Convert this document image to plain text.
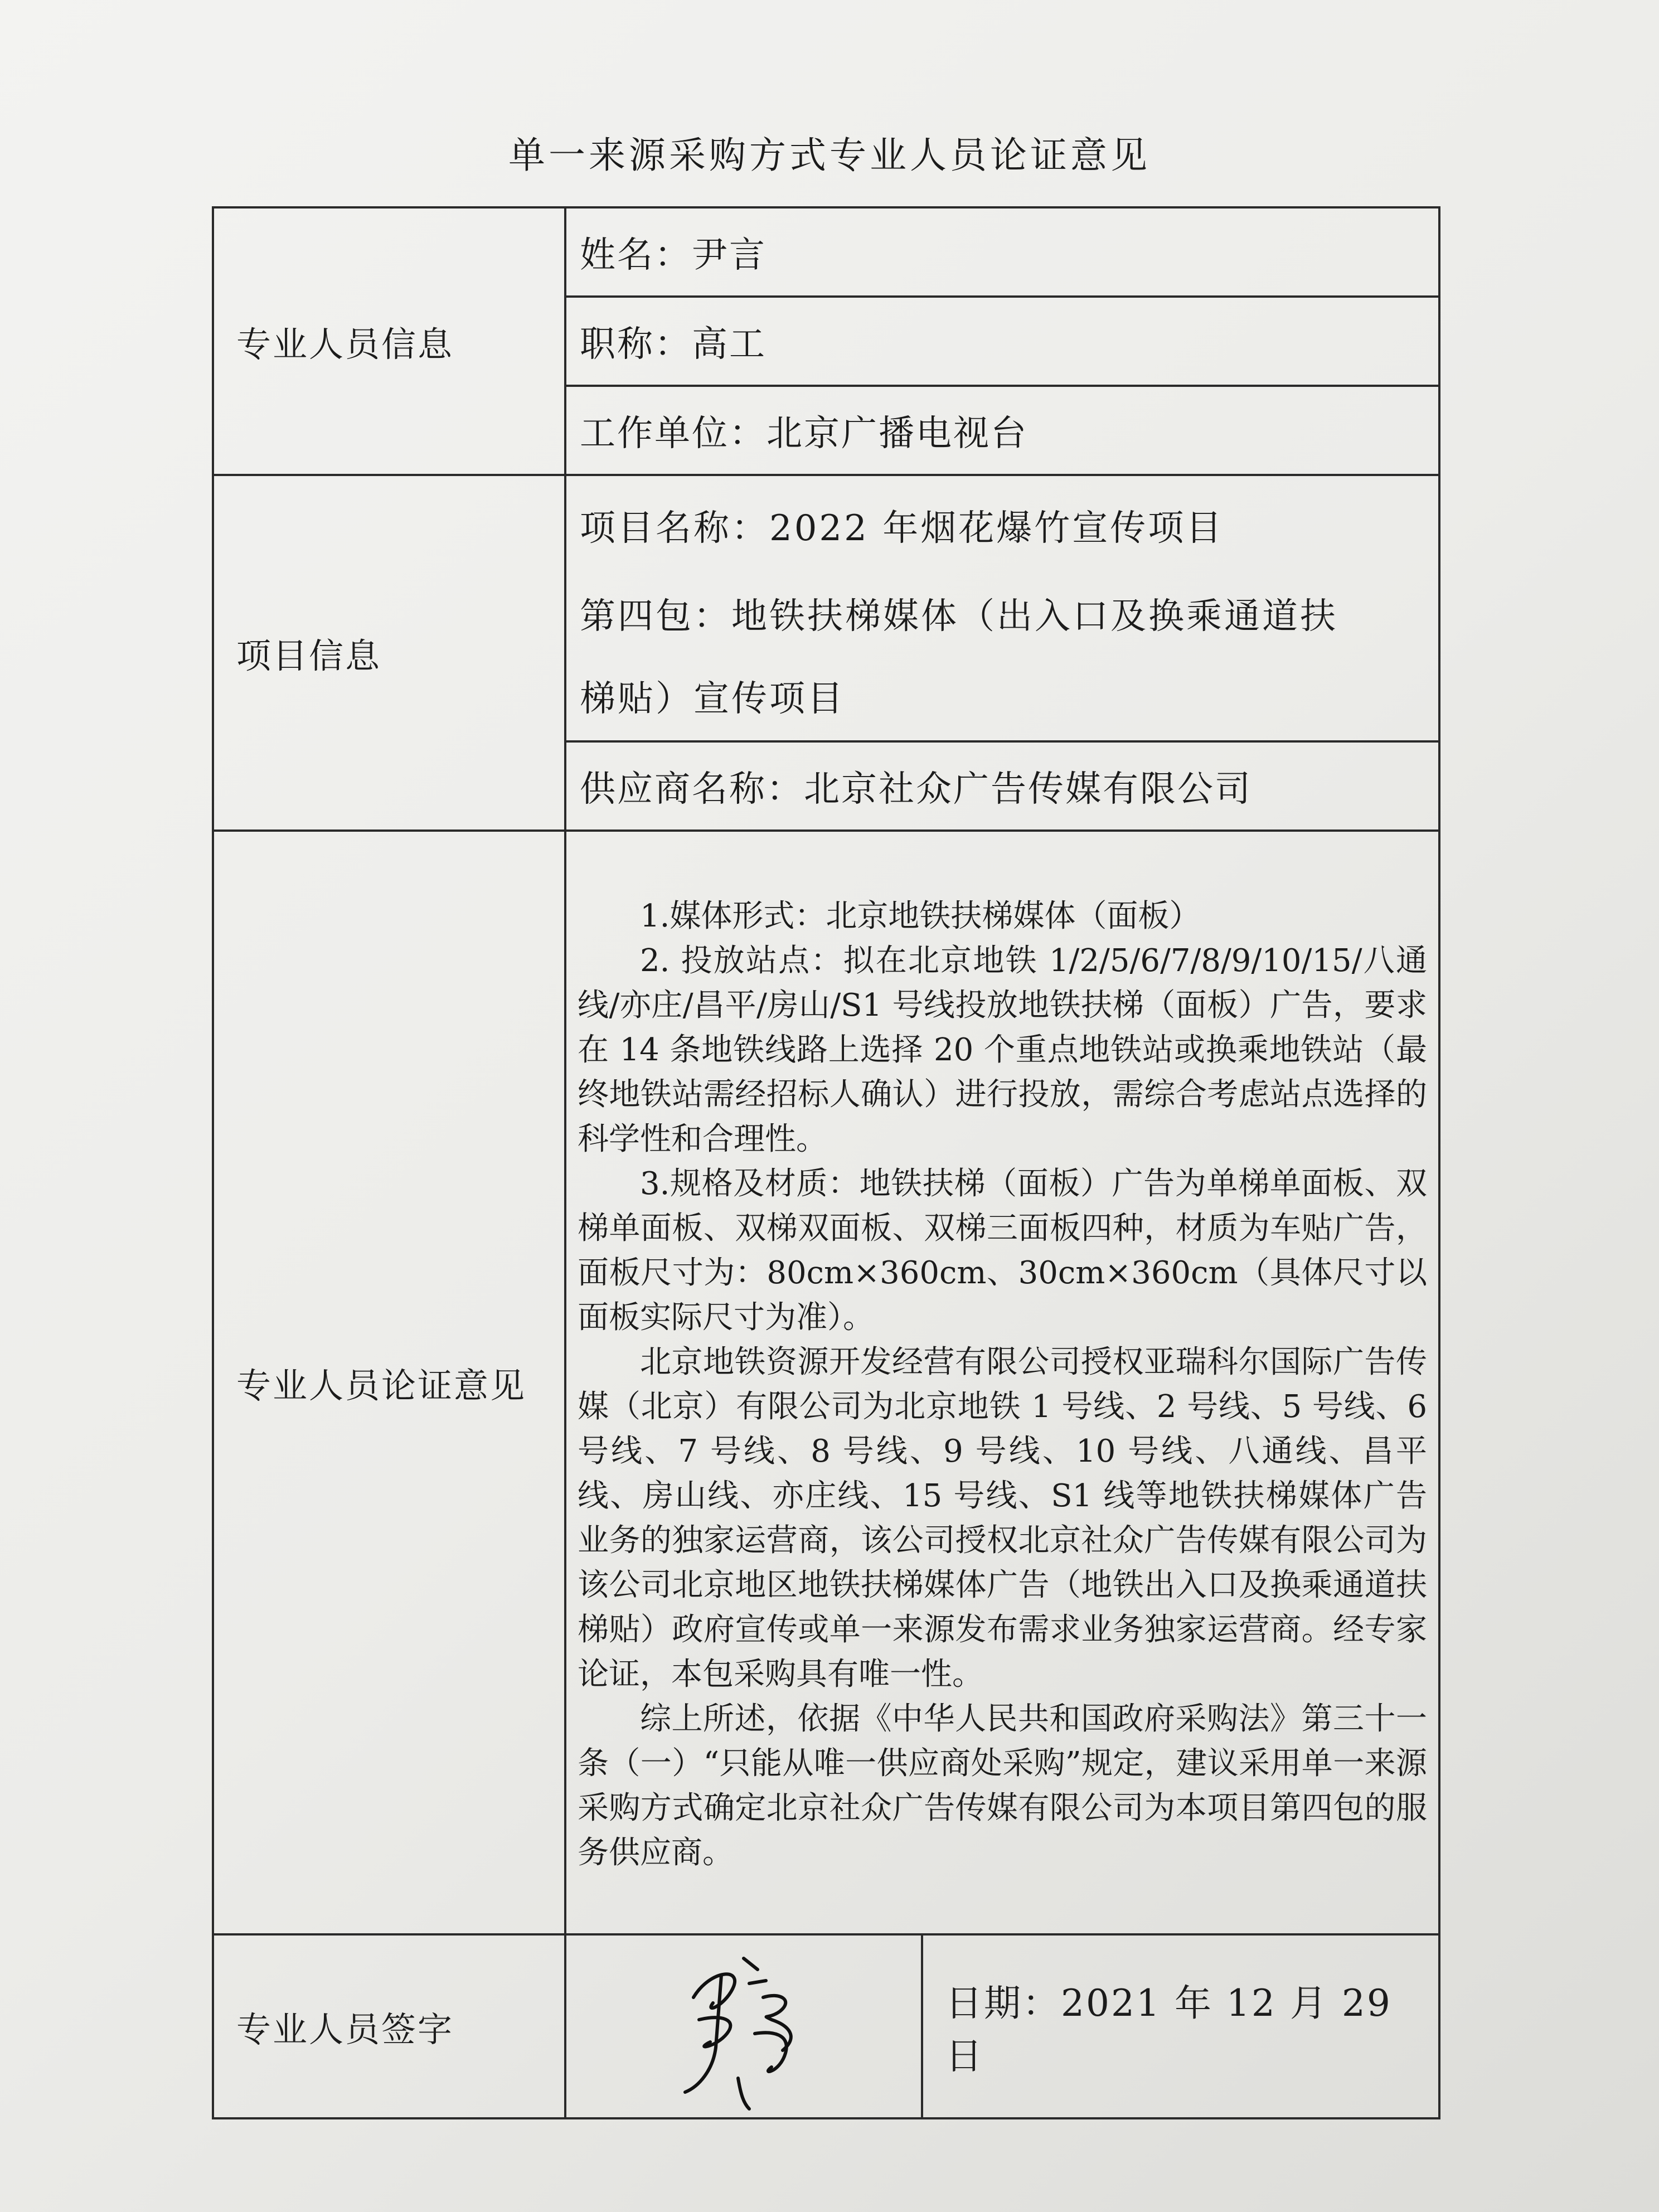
单一来源采购方式专业人员论证意见
专业人员信息	姓名：尹言	
	职称：高工	
	工作单位：北京广播电视台	
项目信息	项目名称：2022 年烟花爆竹宣传项目

第四包：地铁扶梯媒体（出入口及换乘通道扶

梯贴）宣传项目	

	供应商名称：北京社众广告传媒有限公司	
专业人员论证意见	1.媒体形式：北京地铁扶梯媒体（面板）

2. 投放站点：拟在北京地铁 1/2/5/6/7/8/9/10/15/八通线/亦庄/昌平/房山/S1 号线投放地铁扶梯（面板）广告，要求在 14 条地铁线路上选择 20 个重点地铁站或换乘地铁站（最终地铁站需经招标人确认）进行投放，需综合考虑站点选择的科学性和合理性。

3.规格及材质：地铁扶梯（面板）广告为单梯单面板、双梯单面板、双梯双面板、双梯三面板四种，材质为车贴广告，面板尺寸为：80cm×360cm、30cm×360cm（具体尺寸以面板实际尺寸为准）。

北京地铁资源开发经营有限公司授权亚瑞科尔国际广告传媒（北京）有限公司为北京地铁 1 号线、2 号线、5 号线、6 号线、7 号线、8 号线、9 号线、10 号线、八通线、昌平线、房山线、亦庄线、15 号线、S1 线等地铁扶梯媒体广告业务的独家运营商，该公司授权北京社众广告传媒有限公司为该公司北京地区地铁扶梯媒体广告（地铁出入口及换乘通道扶梯贴）政府宣传或单一来源发布需求业务独家运营商。经专家论证，本包采购具有唯一性。

综上所述，依据《中华人民共和国政府采购法》第三十一条（一）“只能从唯一供应商处采购”规定，建议采用单一来源采购方式确定北京社众广告传媒有限公司为本项目第四包的服务供应商。	

专业人员签字		日期：2021 年 12 月 29 日
